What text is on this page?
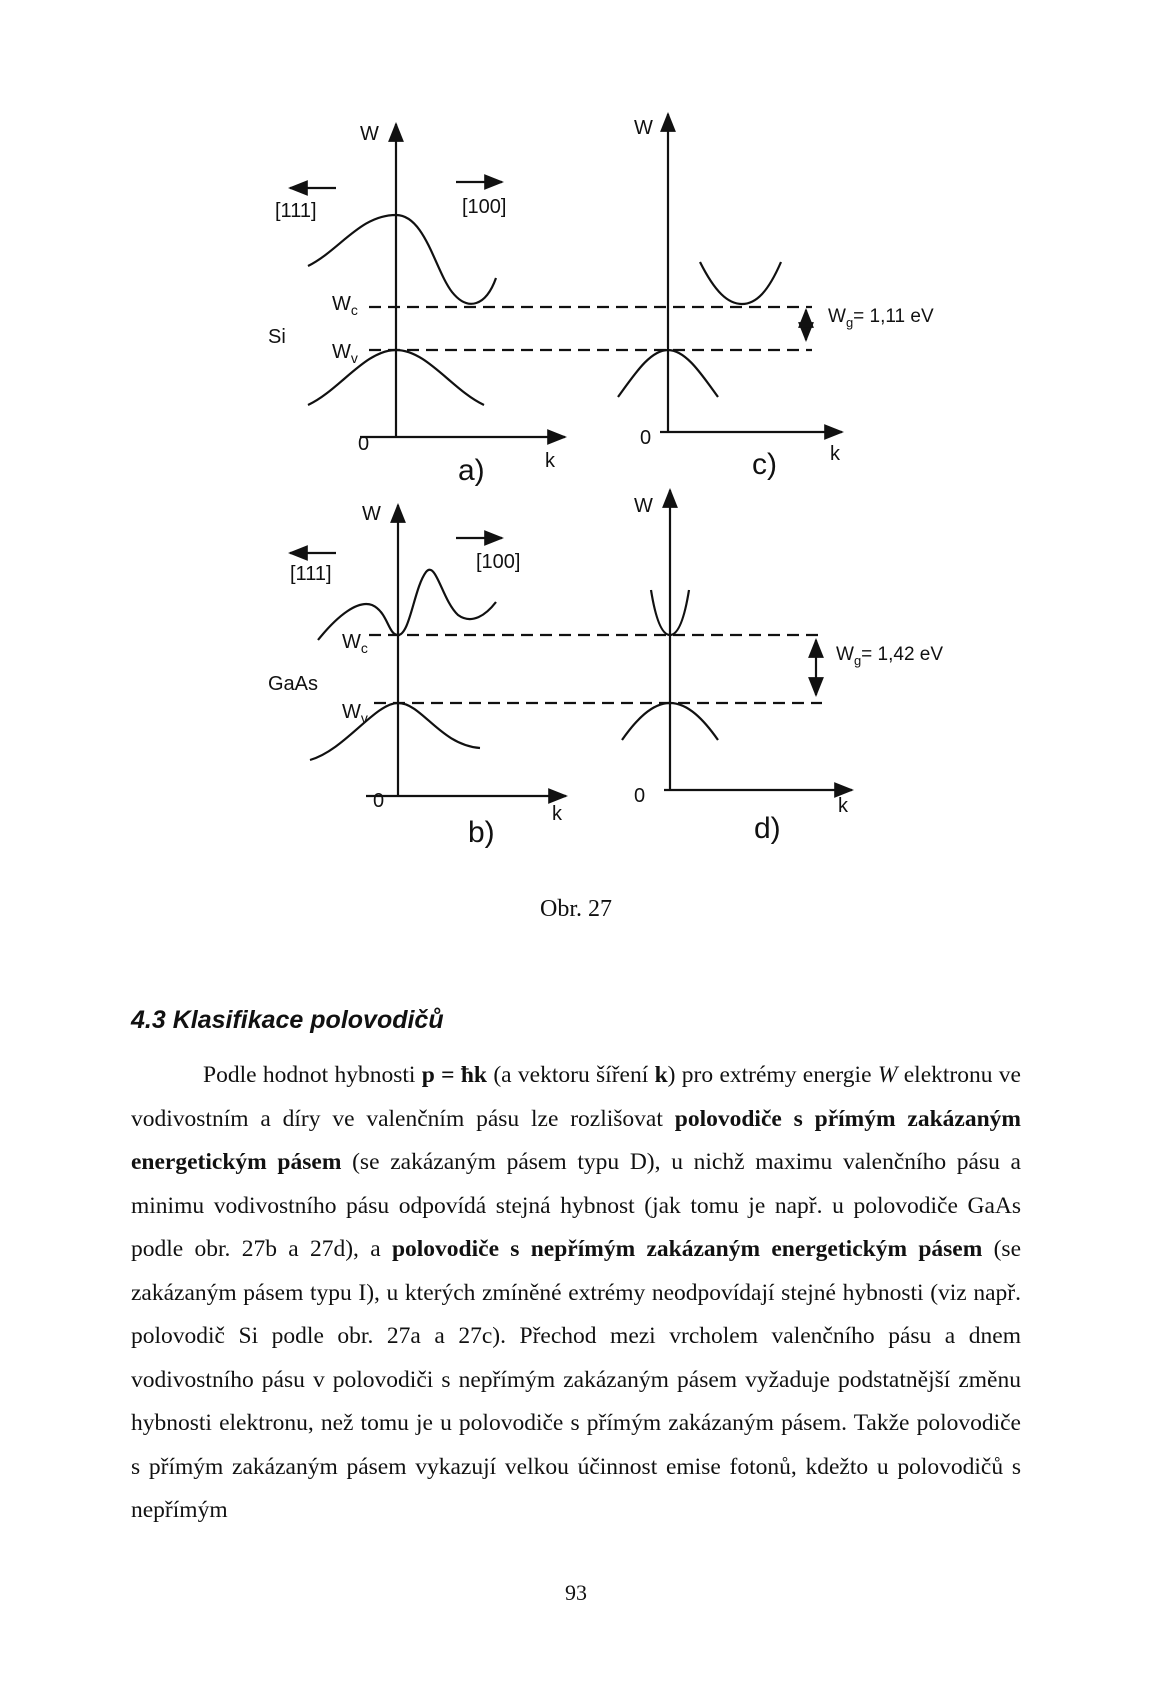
W	W
W	W
[111]	[100]
[111]
[100]
Si
GaAs
$W_c$
$W_v$
$W_c$
$W_v$
0	0
0	0
k	k
k	k
a)	c)
b)	d)
$W_g= 1,11$ eV
$W_g= 1,42$ eV
Obr. 27
4.3 Klasifikace polovodičů

Podle hodnot hybnosti p = ħk (a vektoru šíření k) pro extrémy energie W elektronu ve vodivostním a díry ve valenčním pásu lze rozlišovat polovodiče s přímým zakázaným energetickým pásem (se zakázaným pásem typu D), u nichž maximu valenčního pásu a minimu vodivostního pásu odpovídá stejná hybnost (jak tomu je např. u polovodiče GaAs podle obr. 27b a 27d), a polovodiče s nepřímým zakázaným energetickým pásem (se zakázaným pásem typu I), u kterých zmíněné extrémy neodpovídají stejné hybnosti (viz např. polovodič Si podle obr. 27a a 27c). Přechod mezi vrcholem valenčního pásu a dnem vodivostního pásu v polovodiči s nepřímým zakázaným pásem vyžaduje podstatnější změnu hybnosti elektronu, než tomu je u polovodiče s přímým zakázaným pásem. Takže polovodiče s přímým zakázaným pásem vykazují velkou účinnost emise fotonů, kdežto u polovodičů s nepřímým

93
